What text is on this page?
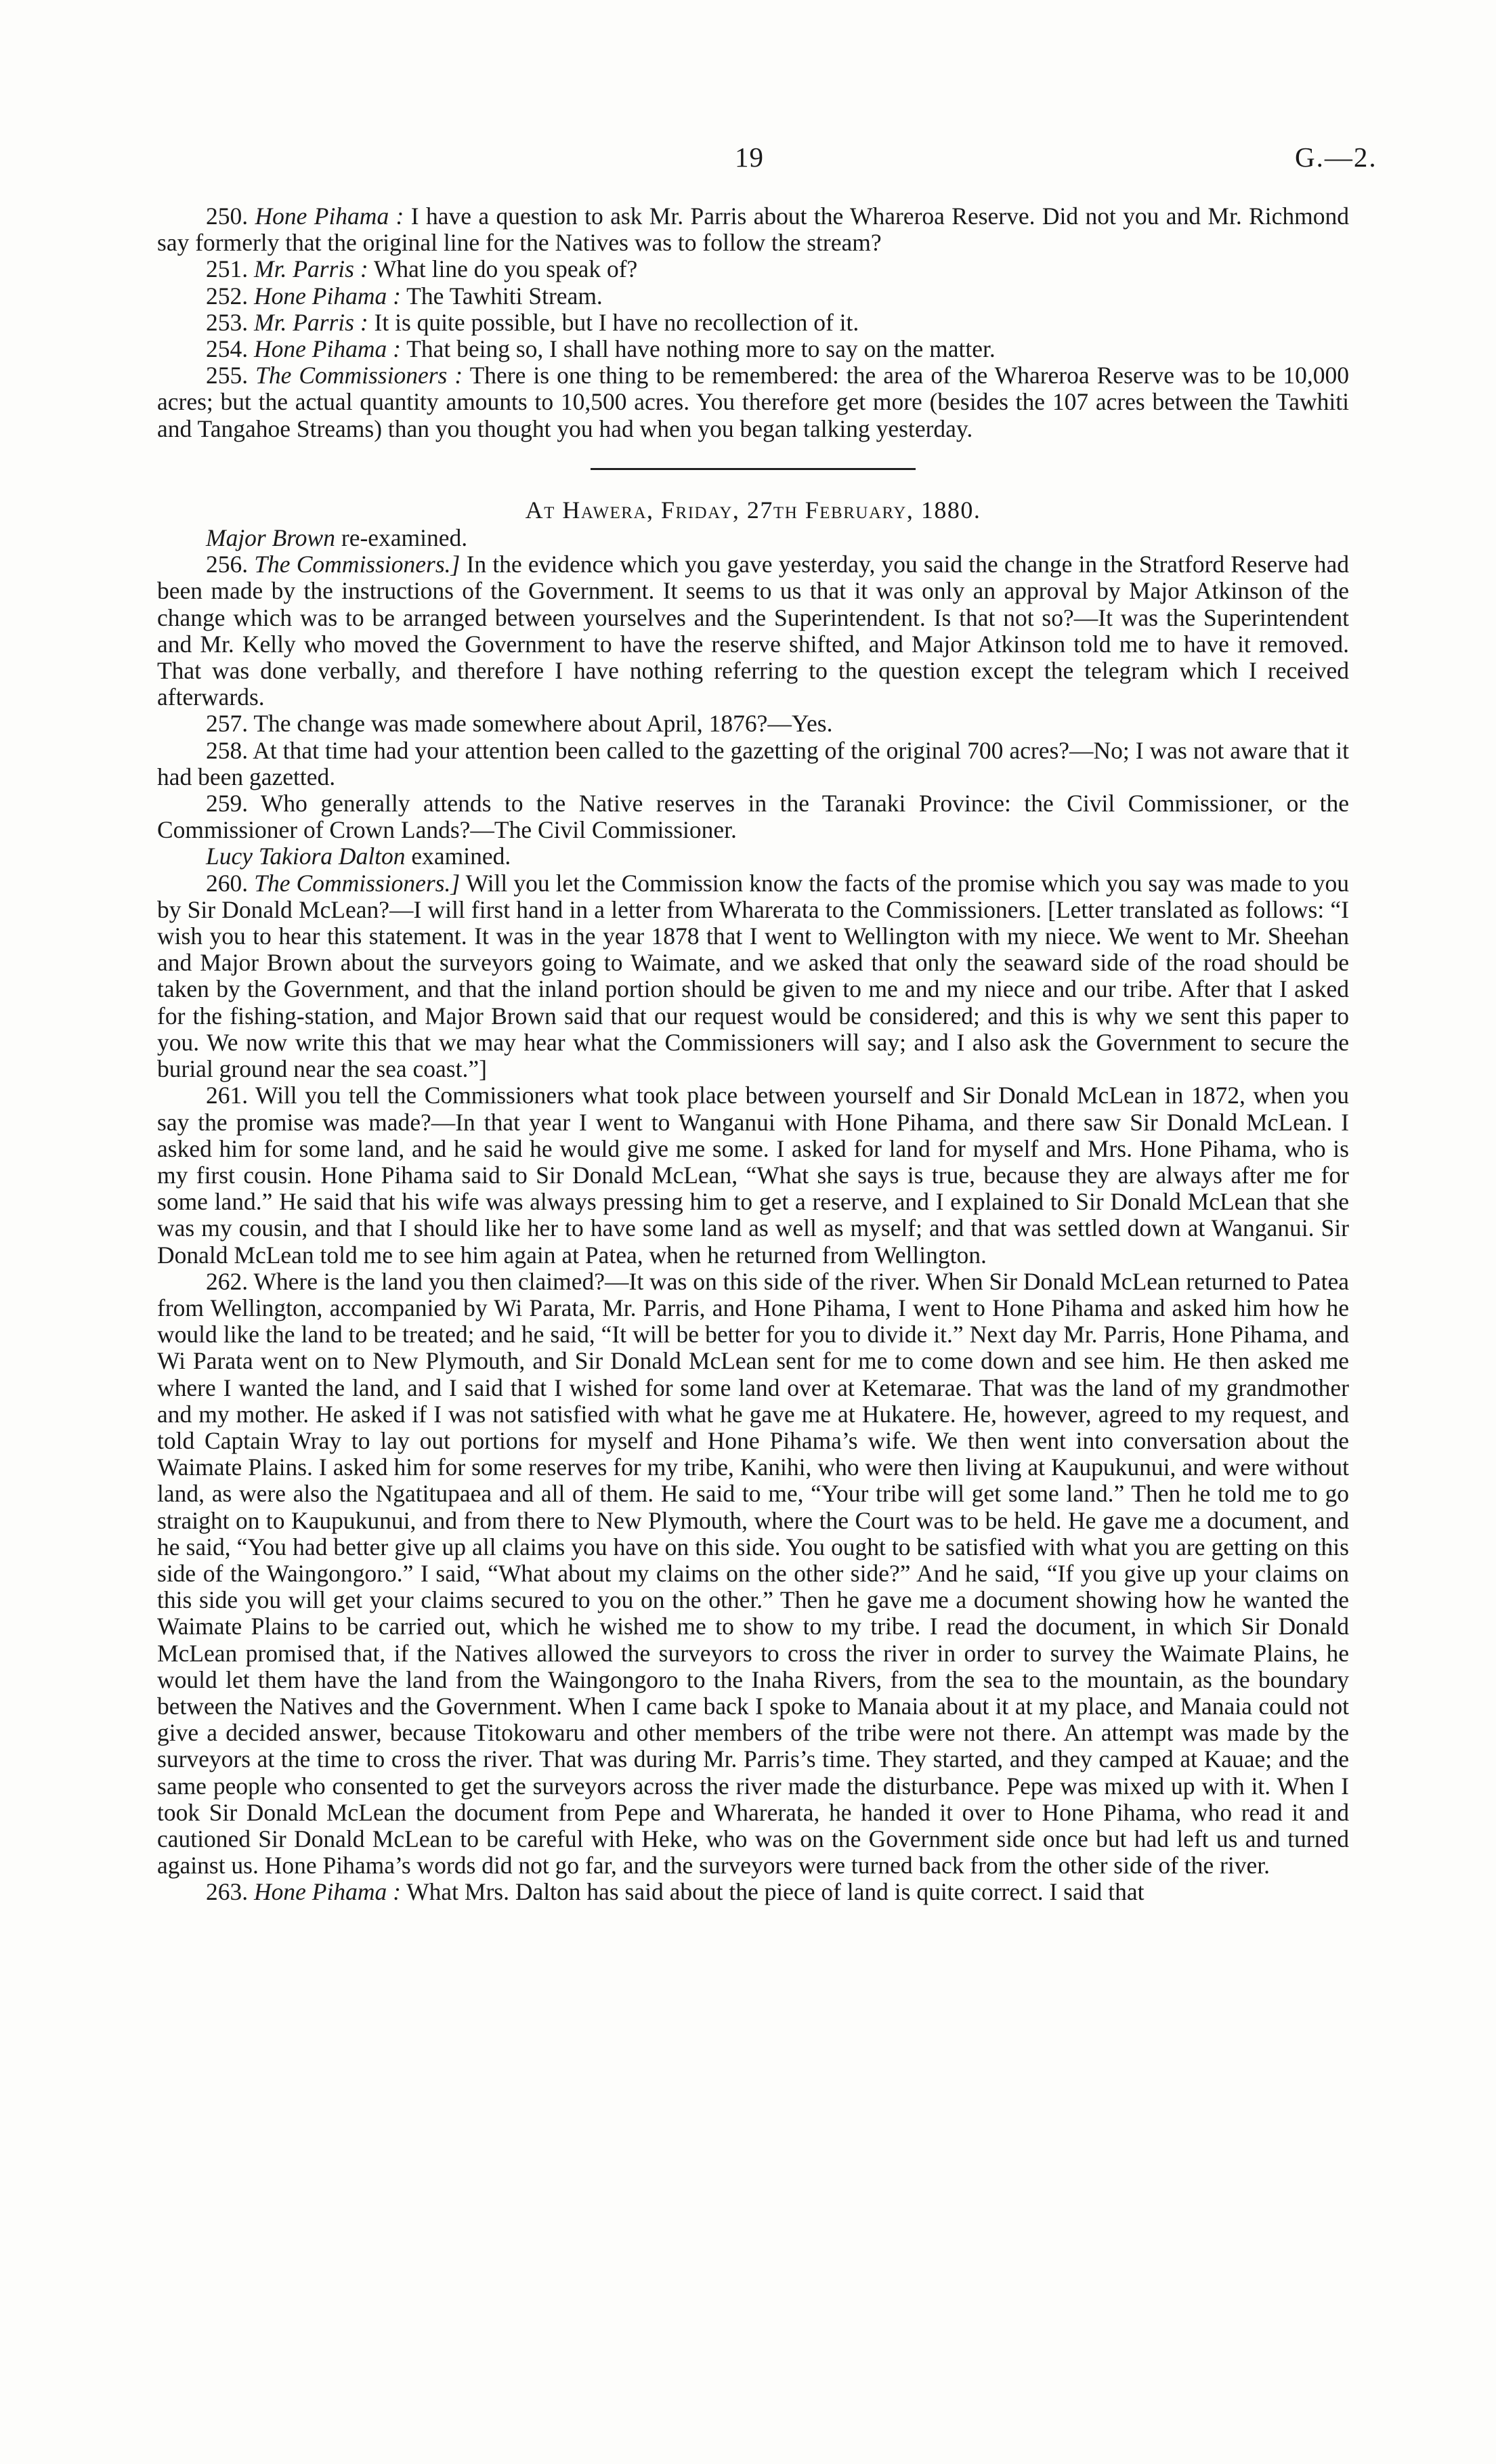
19	G.—2.

250. Hone Pihama : I have a question to ask Mr. Parris about the Whareroa Reserve. Did not you and Mr. Richmond say formerly that the original line for the Natives was to follow the stream?

251. Mr. Parris : What line do you speak of?

252. Hone Pihama : The Tawhiti Stream.

253. Mr. Parris : It is quite possible, but I have no recollection of it.

254. Hone Pihama : That being so, I shall have nothing more to say on the matter.

255. The Commissioners : There is one thing to be remembered: the area of the Whareroa Reserve was to be 10,000 acres; but the actual quantity amounts to 10,500 acres. You therefore get more (besides the 107 acres between the Tawhiti and Tangahoe Streams) than you thought you had when you began talking yesterday.

At Hawera, Friday, 27th February, 1880.

Major Brown re-examined.

256. The Commissioners.] In the evidence which you gave yesterday, you said the change in the Stratford Reserve had been made by the instructions of the Government. It seems to us that it was only an approval by Major Atkinson of the change which was to be arranged between yourselves and the Superintendent. Is that not so?—It was the Superintendent and Mr. Kelly who moved the Government to have the reserve shifted, and Major Atkinson told me to have it removed. That was done verbally, and therefore I have nothing referring to the question except the telegram which I received afterwards.

257. The change was made somewhere about April, 1876?—Yes.

258. At that time had your attention been called to the gazetting of the original 700 acres?—No; I was not aware that it had been gazetted.

259. Who generally attends to the Native reserves in the Taranaki Province: the Civil Commissioner, or the Commissioner of Crown Lands?—The Civil Commissioner.

Lucy Takiora Dalton examined.

260. The Commissioners.] Will you let the Commission know the facts of the promise which you say was made to you by Sir Donald McLean?—I will first hand in a letter from Wharerata to the Commissioners. [Letter translated as follows: “I wish you to hear this statement. It was in the year 1878 that I went to Wellington with my niece. We went to Mr. Sheehan and Major Brown about the surveyors going to Waimate, and we asked that only the seaward side of the road should be taken by the Government, and that the inland portion should be given to me and my niece and our tribe. After that I asked for the fishing-station, and Major Brown said that our request would be considered; and this is why we sent this paper to you. We now write this that we may hear what the Commissioners will say; and I also ask the Government to secure the burial ground near the sea coast.”]

261. Will you tell the Commissioners what took place between yourself and Sir Donald McLean in 1872, when you say the promise was made?—In that year I went to Wanganui with Hone Pihama, and there saw Sir Donald McLean. I asked him for some land, and he said he would give me some. I asked for land for myself and Mrs. Hone Pihama, who is my first cousin. Hone Pihama said to Sir Donald McLean, “What she says is true, because they are always after me for some land.” He said that his wife was always pressing him to get a reserve, and I explained to Sir Donald McLean that she was my cousin, and that I should like her to have some land as well as myself; and that was settled down at Wanganui. Sir Donald McLean told me to see him again at Patea, when he returned from Wellington.

262. Where is the land you then claimed?—It was on this side of the river. When Sir Donald McLean returned to Patea from Wellington, accompanied by Wi Parata, Mr. Parris, and Hone Pihama, I went to Hone Pihama and asked him how he would like the land to be treated; and he said, “It will be better for you to divide it.” Next day Mr. Parris, Hone Pihama, and Wi Parata went on to New Plymouth, and Sir Donald McLean sent for me to come down and see him. He then asked me where I wanted the land, and I said that I wished for some land over at Ketemarae. That was the land of my grandmother and my mother. He asked if I was not satisfied with what he gave me at Hukatere. He, however, agreed to my request, and told Captain Wray to lay out portions for myself and Hone Pihama’s wife. We then went into conversation about the Waimate Plains. I asked him for some reserves for my tribe, Kanihi, who were then living at Kaupukunui, and were without land, as were also the Ngatitupaea and all of them. He said to me, “Your tribe will get some land.” Then he told me to go straight on to Kaupukunui, and from there to New Plymouth, where the Court was to be held. He gave me a document, and he said, “You had better give up all claims you have on this side. You ought to be satisfied with what you are getting on this side of the Waingongoro.” I said, “What about my claims on the other side?” And he said, “If you give up your claims on this side you will get your claims secured to you on the other.” Then he gave me a document showing how he wanted the Waimate Plains to be carried out, which he wished me to show to my tribe. I read the document, in which Sir Donald McLean promised that, if the Natives allowed the surveyors to cross the river in order to survey the Waimate Plains, he would let them have the land from the Waingongoro to the Inaha Rivers, from the sea to the mountain, as the boundary between the Natives and the Government. When I came back I spoke to Manaia about it at my place, and Manaia could not give a decided answer, because Titokowaru and other members of the tribe were not there. An attempt was made by the surveyors at the time to cross the river. That was during Mr. Parris’s time. They started, and they camped at Kauae; and the same people who consented to get the surveyors across the river made the disturbance. Pepe was mixed up with it. When I took Sir Donald McLean the document from Pepe and Wharerata, he handed it over to Hone Pihama, who read it and cautioned Sir Donald McLean to be careful with Heke, who was on the Government side once but had left us and turned against us. Hone Pihama’s words did not go far, and the surveyors were turned back from the other side of the river.

263. Hone Pihama : What Mrs. Dalton has said about the piece of land is quite correct. I said that
